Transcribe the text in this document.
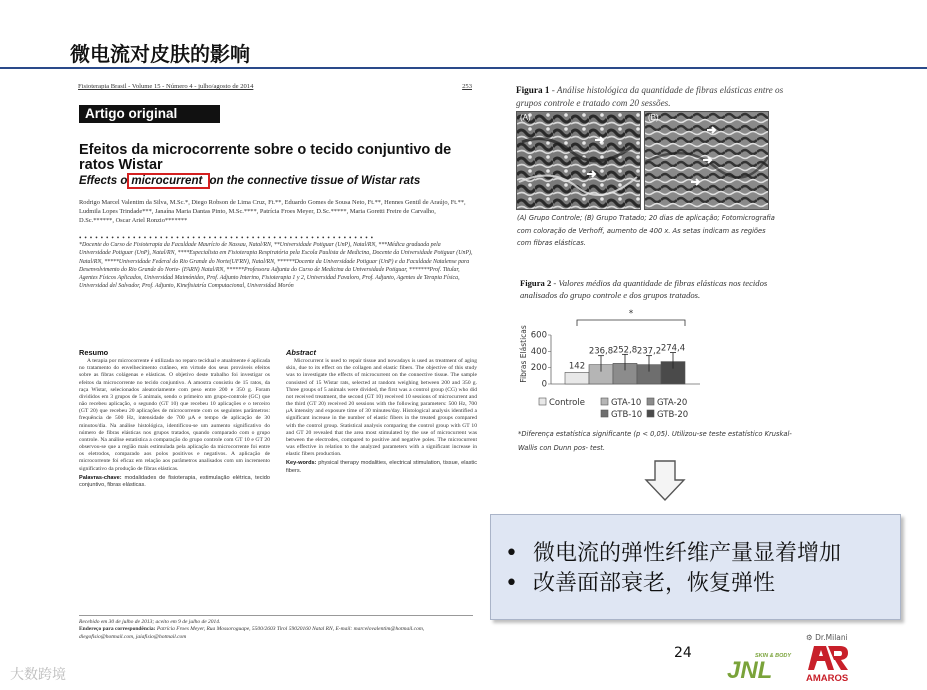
微电流对皮肤的影响
Fisioterapia Brasil - Volume 15 - Número 4 - julho/agosto de 2014	253
Artigo original
Efeitos da microcorrente sobre o tecido conjuntivo de ratos Wistar
Effects o microcurrent on the connective tissue of Wistar rats
Rodrigo Marcel Valentim da Silva, M.Sc.*, Diego Robson de Lima Cruz, Ft.**, Eduardo Gomes de Sousa Neto, Ft.**, Hennes Gentil de Araújo, Ft.**, Ludmila Lopes Trindade***, Janaína Maria Dantas Pinto, M.Sc.****, Patrícia Froes Meyer, D.Sc.*****, Maria Goretti Freire de Carvalho, D.Sc.******, Oscar Ariel Ronzio*******
• • • • • • • • • • • • • • • • • • • • • • • • • • • • • • • • • • • • • • • • • • • • • • • • • • • • • • •
*Docente do Curso de Fisioterapia da Faculdade Maurício de Nassau, Natal/RN, **Universidade Potiguar (UnP), Natal/RN, ***Médica graduada pela Universidade Potiguar (UnP), Natal/RN, ****Especialista em Fisioterapia Respiratória pela Escola Paulista de Medicina, Docente da Universidade Potiguar (UnP), Natal/RN, *****Universidade Federal do Rio Grande do Norte(UFRN), Natal/RN, ******Docente da Universidade Potiguar (UnP) e da Faculdade Natalense para Desenvolvimento do Rio Grande do Norte- (FARN) Natal/RN, ******Professora Adjunta do Curso de Medicina da Universidade Potiguar, *******Prof. Titular, Agentes Físicos Aplicados, Universidad Maimónides, Prof. Adjunto Interino, Fisioterapia 1 y 2, Universidad Favaloro, Prof. Adjunto, Agentes de Terapia Física, Universidad del Salvador, Prof. Adjunto, Kinefisiatría Computacional, Universidad Morón
Resumo

A terapia por microcorrente é utilizada no reparo tecidual e atualmente é aplicada no tratamento do envelhecimento cutâneo, em virtude dos seus prováveis efeitos sobre as fibras colágenas e elásticas. O objetivo deste trabalho foi investigar os efeitos da microcorrente no tecido conjuntivo. A amostra consistiu de 15 ratos, da raça Wistar, selecionados aleatoriamente com peso entre 200 e 350 g. Foram divididos em 3 grupos de 5 animais, sendo o primeiro um grupo-controle (GC) que não recebeu aplicação, o segundo (GT 10) que recebeu 10 aplicações e o terceiro (GT 20) que recebeu 20 aplicações de microcorrente com os seguintes parâmetros: frequência de 500 Hz, intensidade de 700 μA e tempo de aplicação de 30 minutos/dia. Na análise histológica, identificou-se um aumento significativo do número de fibras elásticas nos grupos tratados, quando comparado com o grupo controle. Na análise estatística a comparação do grupo controle com GT 10 e GT 20 observou-se que a região mais estimulada pela aplicação da microcorrente foi entre os eletrodos, comparado aos polos positivos e negativos. A aplicação de microcorrente foi eficaz em relação aos parâmetros analisados com um incremento significativo da produção de fibras elásticas.

Palavras-chave: modalidades de fisioterapia, estimulação elétrica, tecido conjuntivo, fibras elásticas.
Abstract

Microcurrent is used to repair tissue and nowadays is used as treatment of aging skin, due to its effect on the collagen and elastic fibers. The objective of this study was to investigate the effects of microcurrent on the connective tissue. The sample consisted of 15 Wistar rats, selected at random weighing between 200 and 350 g. Three groups of 5 animals were divided, the first was a control group (CG) who did not received treatment, the second (GT 10) received 10 sessions of microcurrent and the third (GT 20) received 20 sessions with the following parameters: 500 Hz, 700 μA intensity and exposure time of 30 minutes/day. Histological analysis identified a significant increase in the number of elastic fibers in the treated groups compared with the control group. Statistical analysis comparing the control group with GT 10 and GT 20 revealed that the area most stimulated by the use of microcurrent was between the electrodes, compared to positive and negative poles. The microcurrent was effective in relation to the analyzed parameters with a significant increase in elastic fibers production.

Key-words: physical therapy modalities, electrical stimulation, tissue, elastic fibers.
Recebido em 30 de julho de 2013; aceito em 9 de julho de 2014.
Endereço para correspondência: Patrícia Froes Meyer, Rua Mossoroguape, 5500/2603 Tirol 59020160 Natal RN, E-mail: marcelovalentim@hotmail.com, diegofisio@hotmail.com, jaiafisio@hotmail.com
Figura 1 - Análise histológica da quantidade de fibras elásticas entre os grupos controle e tratado com 20 sessões.
(A)	(B)
(A) Grupo Controle; (B) Grupo Tratado; 20 dias de aplicação; Fotomicrografia com coloração de Verhoff, aumento de 400 x. As setas indicam as regiões com fibras elásticas.
Figura 2 - Valores médios da quantidade de fibras elásticas nos tecidos analisados do grupo controle e dos grupos tratados.
Fibras Elásticas 600
400
200
0
*
142
236,8 252,8 237,2 274,4
Controle	GTA-10 GTA-20
GTB-10 GTB-20
*Diferença estatística significante (p < 0,05). Utilizou-se teste estatístico Kruskal-Wallis con Dunn pos- test.
• 微电流的弹性纤维产量显着增加
• 改善面部衰老，恢复弹性
24
大数跨境
⚙ Dr.Milani
SKIN & BODY
JNL	AMAROS
